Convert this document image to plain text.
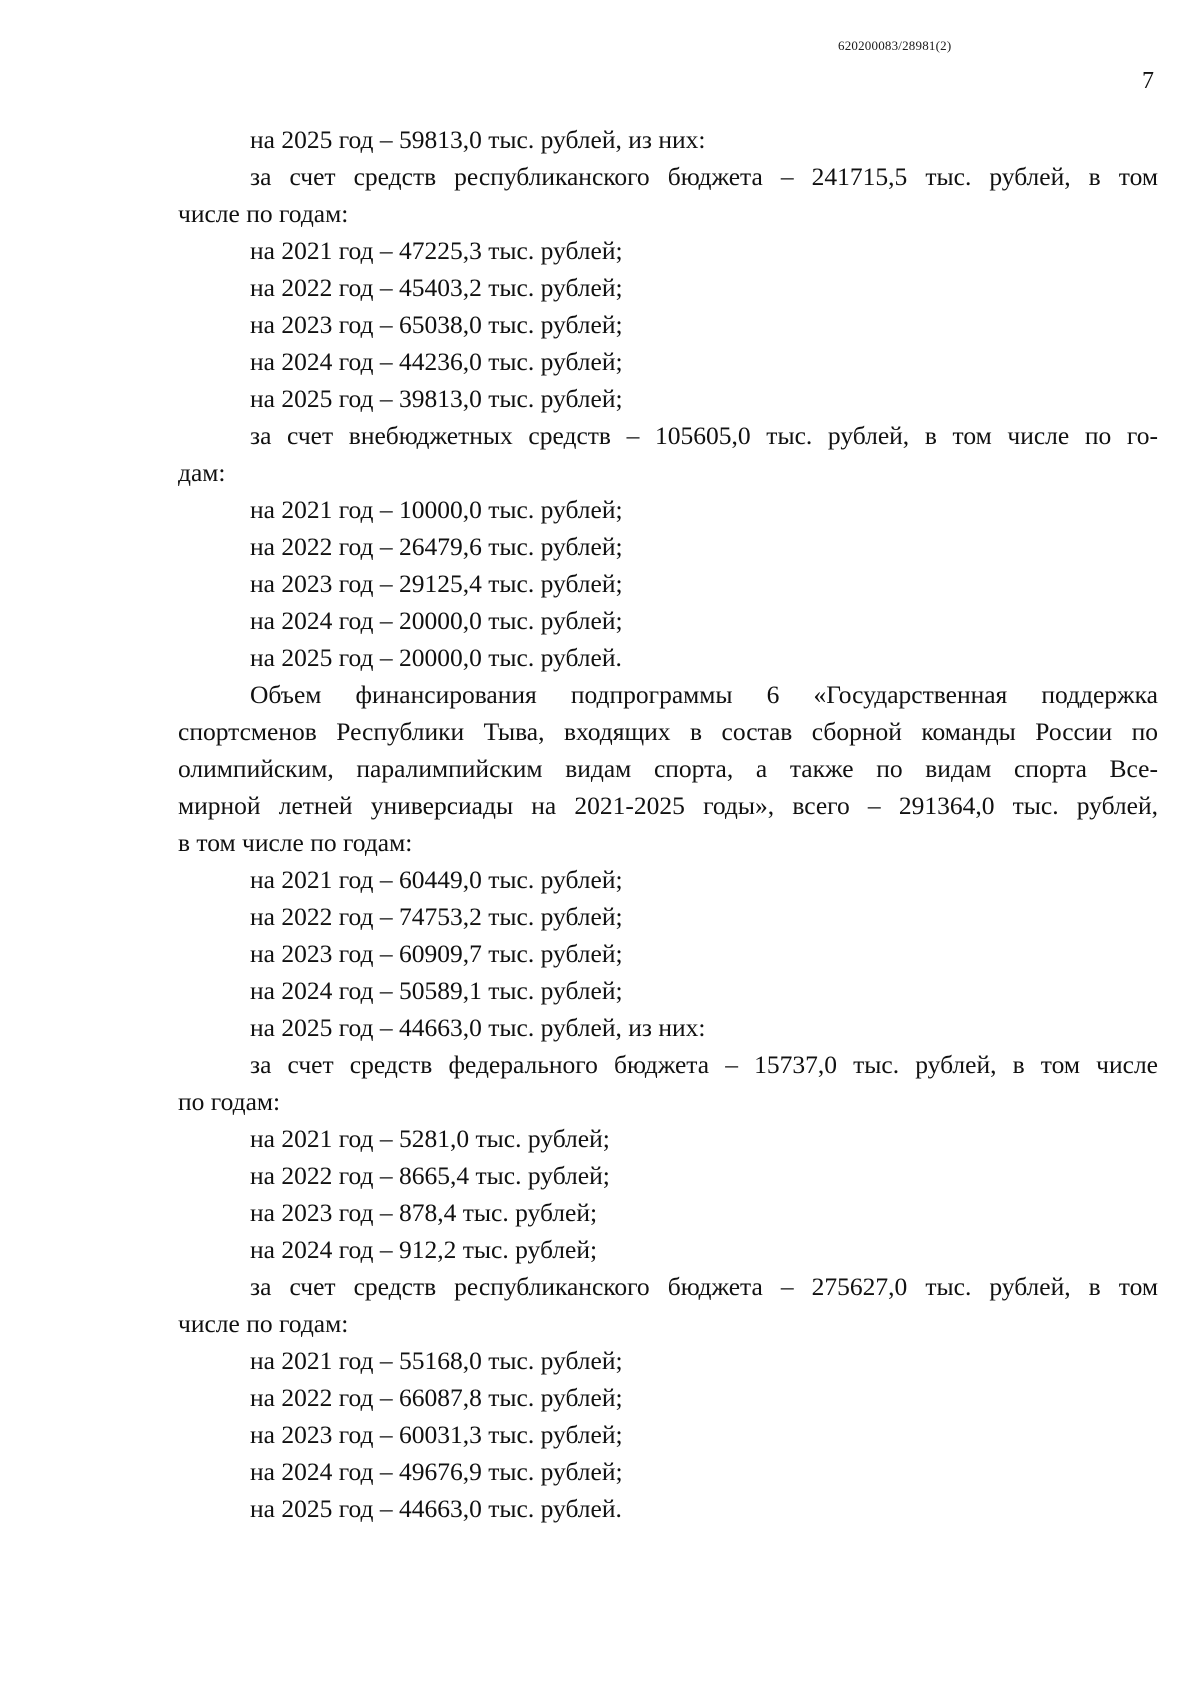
620200083/28981(2)
7

на 2025 год – 59813,0 тыс. рублей, из них:

за счет средств республиканского бюджета – 241715,5 тыс. рублей, в том

числе по годам:

на 2021 год – 47225,3 тыс. рублей;

на 2022 год – 45403,2 тыс. рублей;

на 2023 год – 65038,0 тыс. рублей;

на 2024 год – 44236,0 тыс. рублей;

на 2025 год – 39813,0 тыс. рублей;

за счет внебюджетных средств – 105605,0 тыс. рублей, в том числе по го-

дам:

на 2021 год – 10000,0 тыс. рублей;

на 2022 год – 26479,6 тыс. рублей;

на 2023 год – 29125,4 тыс. рублей;

на 2024 год – 20000,0 тыс. рублей;

на 2025 год – 20000,0 тыс. рублей.

Объем финансирования подпрограммы 6 «Государственная поддержка

спортсменов Республики Тыва, входящих в состав сборной команды России по

олимпийским, паралимпийским видам спорта, а также по видам спорта Все-

мирной летней универсиады на 2021-2025 годы», всего – 291364,0 тыс. рублей,

в том числе по годам:

на 2021 год – 60449,0 тыс. рублей;

на 2022 год – 74753,2 тыс. рублей;

на 2023 год – 60909,7 тыс. рублей;

на 2024 год – 50589,1 тыс. рублей;

на 2025 год – 44663,0 тыс. рублей, из них:

за счет средств федерального бюджета – 15737,0 тыс. рублей, в том числе

по годам:

на 2021 год – 5281,0 тыс. рублей;

на 2022 год – 8665,4 тыс. рублей;

на 2023 год – 878,4 тыс. рублей;

на 2024 год – 912,2 тыс. рублей;

за счет средств республиканского бюджета – 275627,0 тыс. рублей, в том

числе по годам:

на 2021 год – 55168,0 тыс. рублей;

на 2022 год – 66087,8 тыс. рублей;

на 2023 год – 60031,3 тыс. рублей;

на 2024 год – 49676,9 тыс. рублей;

на 2025 год – 44663,0 тыс. рублей.
